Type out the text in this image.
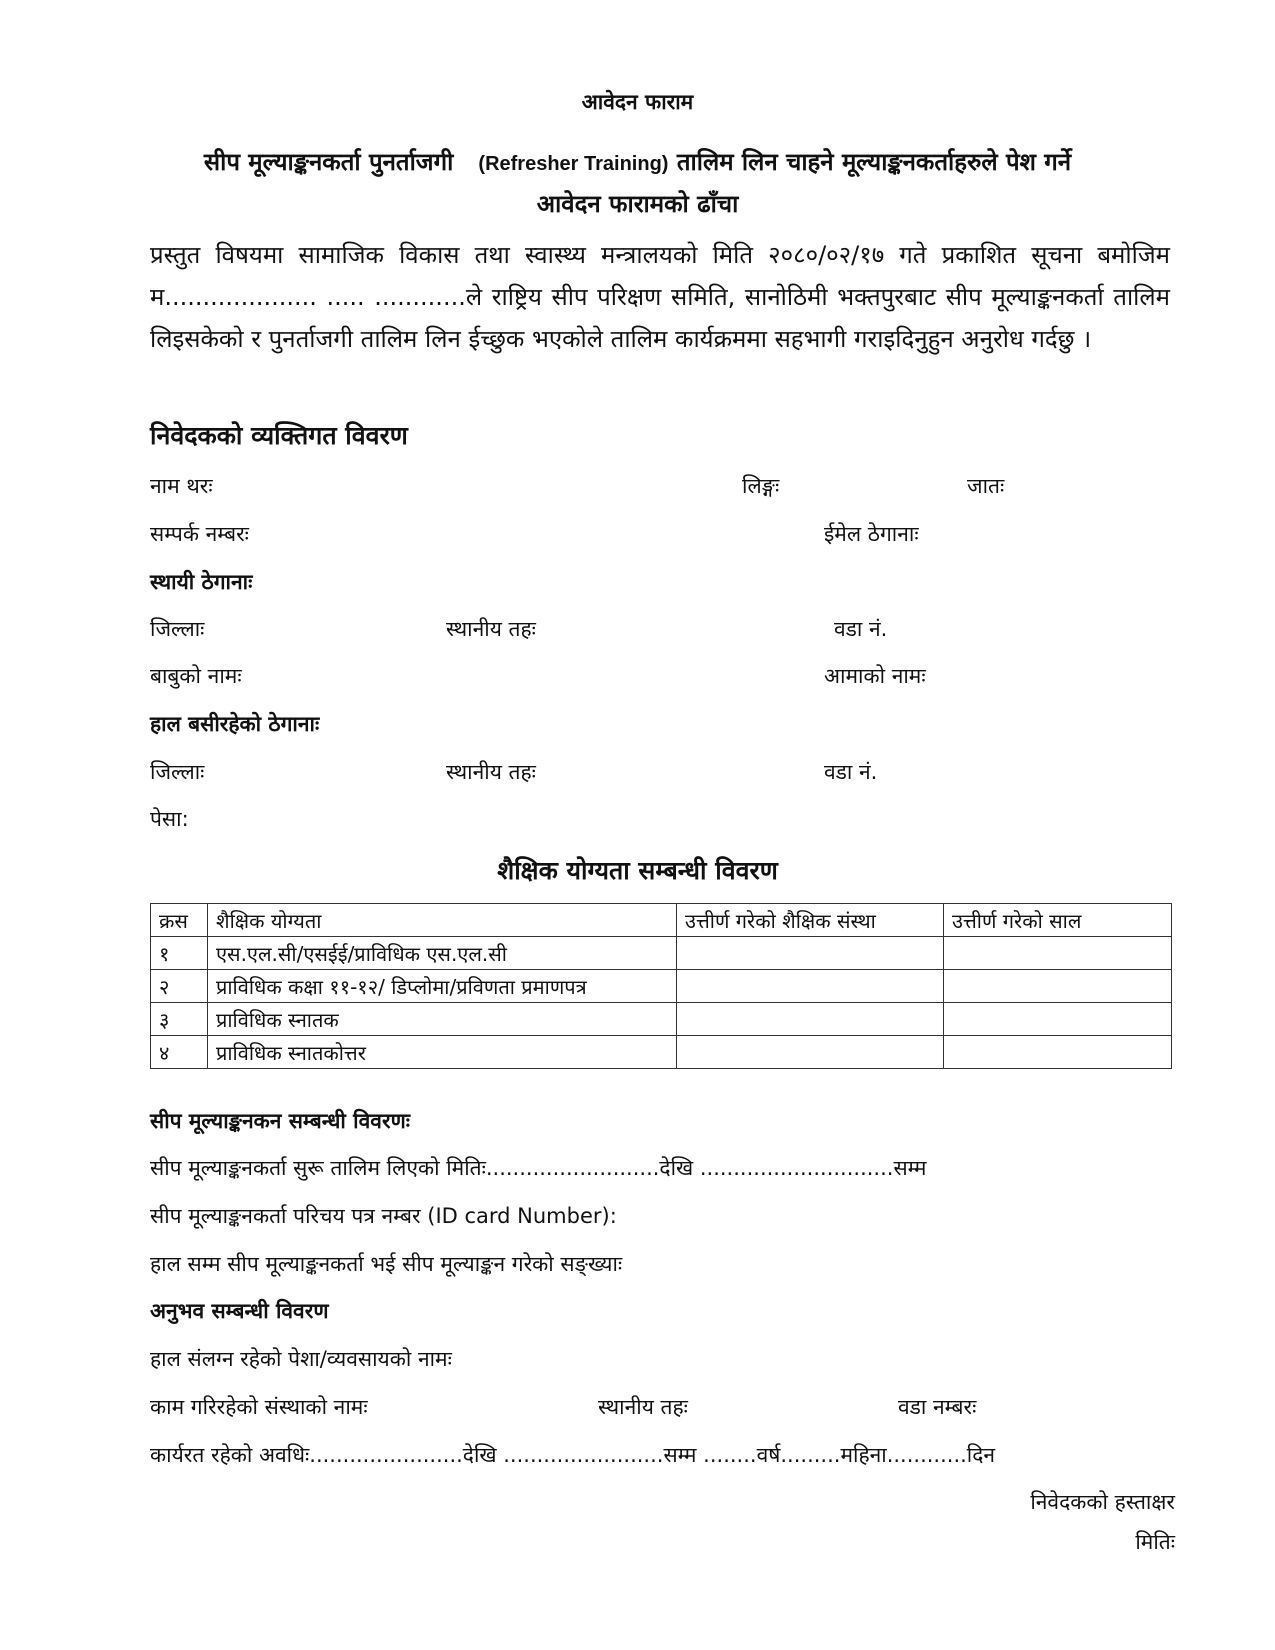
आवेदन फाराम
सीप मूल्याङ्कनकर्ता पुनर्ताजगी (Refresher Training) तालिम लिन चाहने मूल्याङ्कनकर्ताहरुले पेश गर्ने
आवेदन फारामको ढाँचा
प्रस्तुत विषयमा सामाजिक विकास तथा स्वास्थ्य मन्त्रालयको मिति २०८०/०२/१७ गते प्रकाशित सूचना बमोजिम म.................... ..... ............ले राष्ट्रिय सीप परिक्षण समिति, सानोठिमी भक्तपुरबाट सीप मूल्याङ्कनकर्ता तालिम लिइसकेको र पुनर्ताजगी तालिम लिन ईच्छुक भएकोले तालिम कार्यक्रममा सहभागी गराइदिनुहुन अनुरोध गर्दछु ।
निवेदकको व्यक्तिगत विवरण
नाम थरः	लिङ्गः	जातः
सम्पर्क नम्बरः	ईमेल ठेगानाः
स्थायी ठेगानाः
जिल्लाः	स्थानीय तहः	वडा नं.
बाबुको नामः	आमाको नामः
हाल बसीरहेको ठेगानाः
जिल्लाः	स्थानीय तहः	वडा नं.
पेसा:
शैक्षिक योग्यता सम्बन्धी विवरण
क्रस	शैक्षिक योग्यता	उत्तीर्ण गरेको शैक्षिक संस्था	उत्तीर्ण गरेको साल
१	एस.एल.सी/एसईई/प्राविधिक एस.एल.सी		
२	प्राविधिक कक्षा ११-१२/ डिप्लोमा/प्रविणता प्रमाणपत्र		
३	प्राविधिक स्नातक		
४	प्राविधिक स्नातकोत्तर		
सीप मूल्याङ्कनकन सम्बन्धी विवरणः
सीप मूल्याङ्कनकर्ता सुरू तालिम लिएको मितिः..........................देखि .............................सम्म
सीप मूल्याङ्कनकर्ता परिचय पत्र नम्बर (ID card Number):
हाल सम्म सीप मूल्याङ्कनकर्ता भई सीप मूल्याङ्कन गरेको सङ्ख्याः
अनुभव सम्बन्धी विवरण
हाल संलग्न रहेको पेशा/व्यवसायको नामः
काम गरिरहेको संस्थाको नामः	स्थानीय तहः	वडा नम्बरः
कार्यरत रहेको अवधिः.......................देखि ........................सम्म ........वर्ष.........महिना............दिन
निवेदकको हस्ताक्षर
मितिः
